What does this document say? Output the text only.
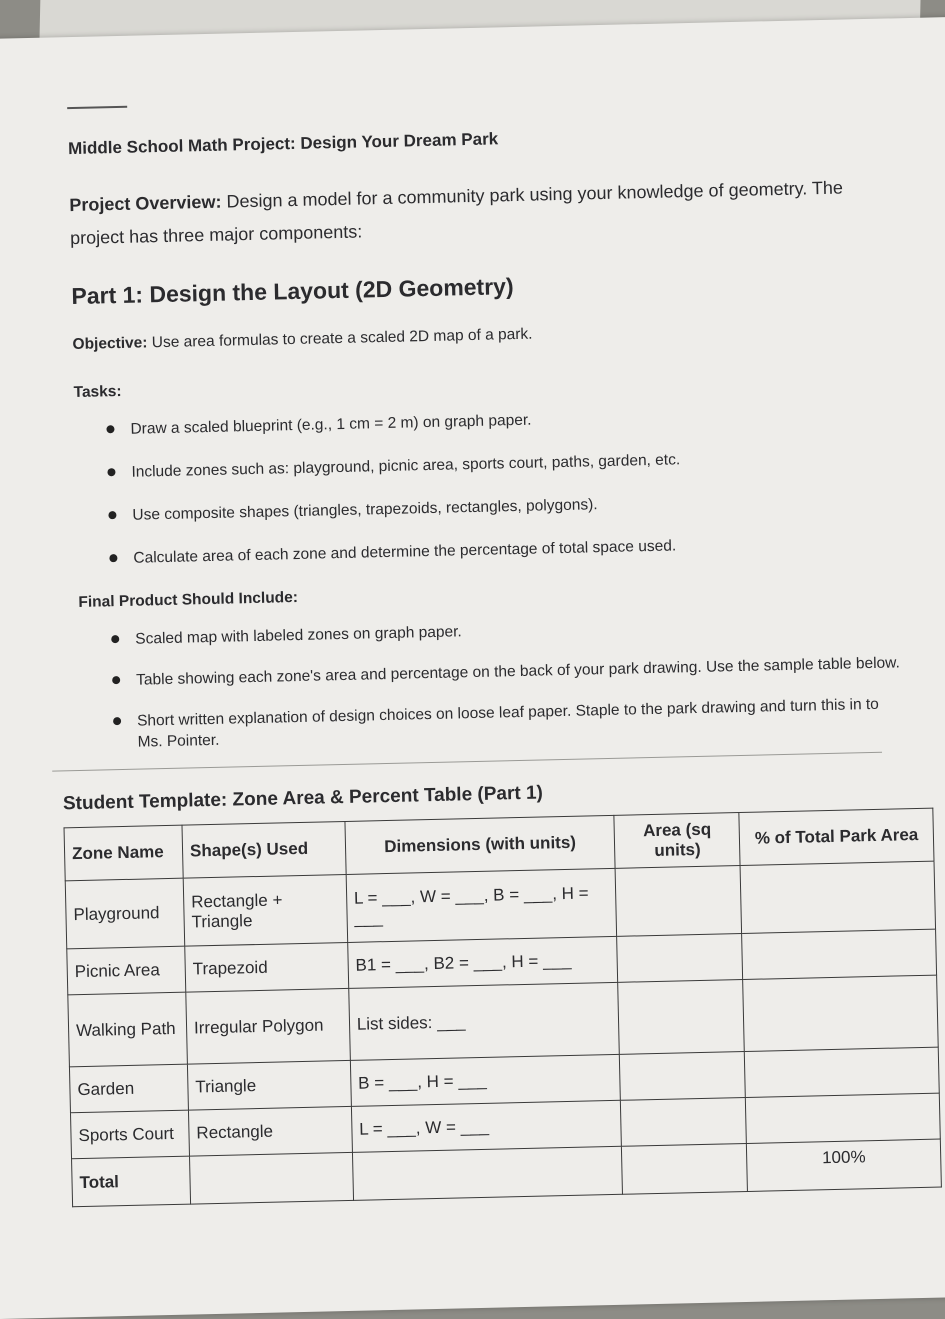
Middle School Math Project: Design Your Dream Park
Project Overview: Design a model for a community park using your knowledge of geometry. The project has three major components:
Part 1: Design the Layout (2D Geometry)
Objective: Use area formulas to create a scaled 2D map of a park.
Tasks:
Draw a scaled blueprint (e.g., 1 cm = 2 m) on graph paper.
Include zones such as: playground, picnic area, sports court, paths, garden, etc.
Use composite shapes (triangles, trapezoids, rectangles, polygons).
Calculate area of each zone and determine the percentage of total space used.
Final Product Should Include:
Scaled map with labeled zones on graph paper.
Table showing each zone's area and percentage on the back of your park drawing. Use the sample table below.
Short written explanation of design choices on loose leaf paper. Staple to the park drawing and turn this in to Ms. Pointer.
Student Template: Zone Area & Percent Table (Part 1)
Zone Name	Shape(s) Used	Dimensions (with units)	Area (sq units)	% of Total Park Area
Playground	Rectangle + Triangle	L = ___, W = ___, B = ___, H = ___		
Picnic Area	Trapezoid	B1 = ___, B2 = ___, H = ___		
Walking Path	Irregular Polygon	List sides: ___		
Garden	Triangle	B = ___, H = ___		
Sports Court	Rectangle	L = ___, W = ___		
Total				100%
